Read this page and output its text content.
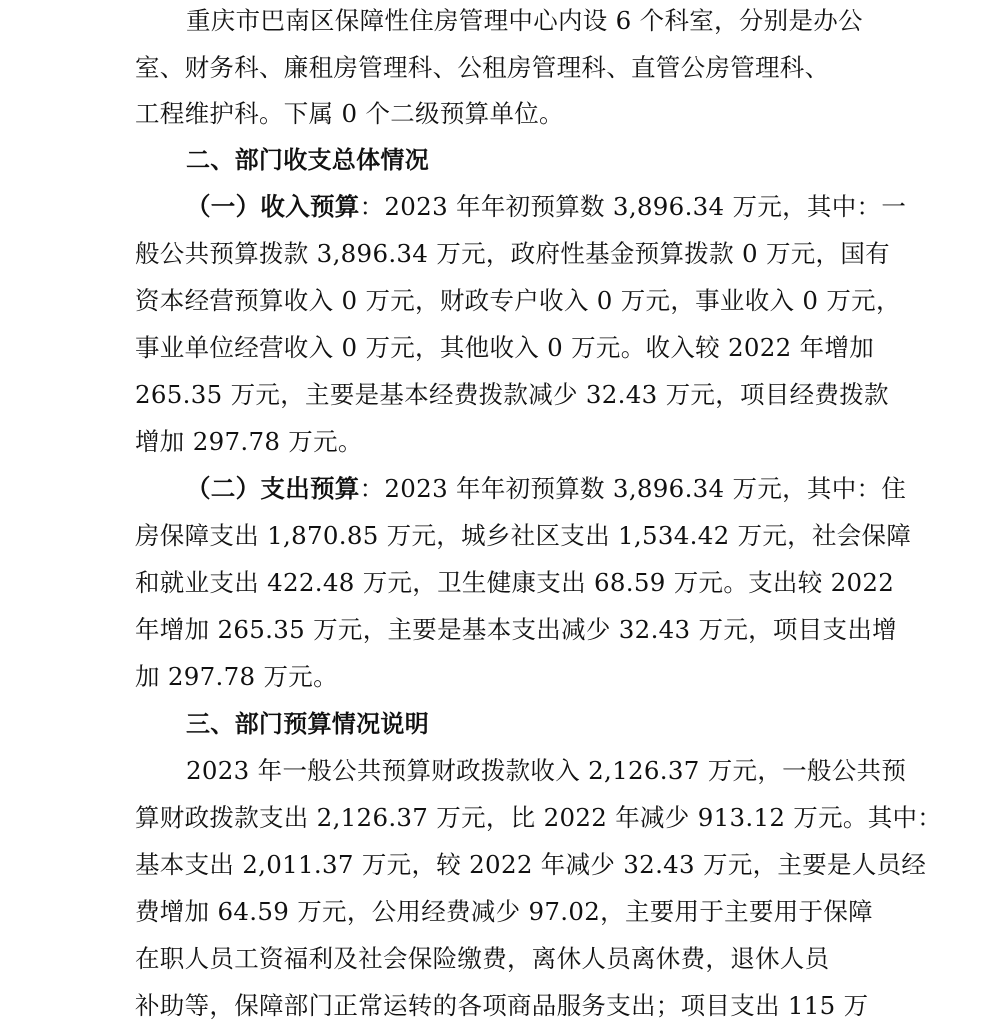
重庆市巴南区保障性住房管理中心内设 6 个科室，分别是办公
室、财务科、廉租房管理科、公租房管理科、直管公房管理科、
工程维护科。下属 0 个二级预算单位。
二、部门收支总体情况
（一）收入预算：2023 年年初预算数 3,896.34 万元，其中：一
般公共预算拨款 3,896.34 万元，政府性基金预算拨款 0 万元，国有
资本经营预算收入 0 万元，财政专户收入 0 万元，事业收入 0 万元，
事业单位经营收入 0 万元，其他收入 0 万元。收入较 2022 年增加
265.35 万元，主要是基本经费拨款减少 32.43 万元，项目经费拨款
增加 297.78 万元。
（二）支出预算：2023 年年初预算数 3,896.34 万元，其中：住
房保障支出 1,870.85 万元，城乡社区支出 1,534.42 万元，社会保障
和就业支出 422.48 万元，卫生健康支出 68.59 万元。支出较 2022
年增加 265.35 万元，主要是基本支出减少 32.43 万元，项目支出增
加 297.78 万元。
三、部门预算情况说明
2023 年一般公共预算财政拨款收入 2,126.37 万元，一般公共预
算财政拨款支出 2,126.37 万元，比 2022 年减少 913.12 万元。其中：
基本支出 2,011.37 万元，较 2022 年减少 32.43 万元，主要是人员经
费增加 64.59 万元，公用经费减少 97.02，主要用于主要用于保障
在职人员工资福利及社会保险缴费，离休人员离休费，退休人员
补助等，保障部门正常运转的各项商品服务支出；项目支出 115 万
